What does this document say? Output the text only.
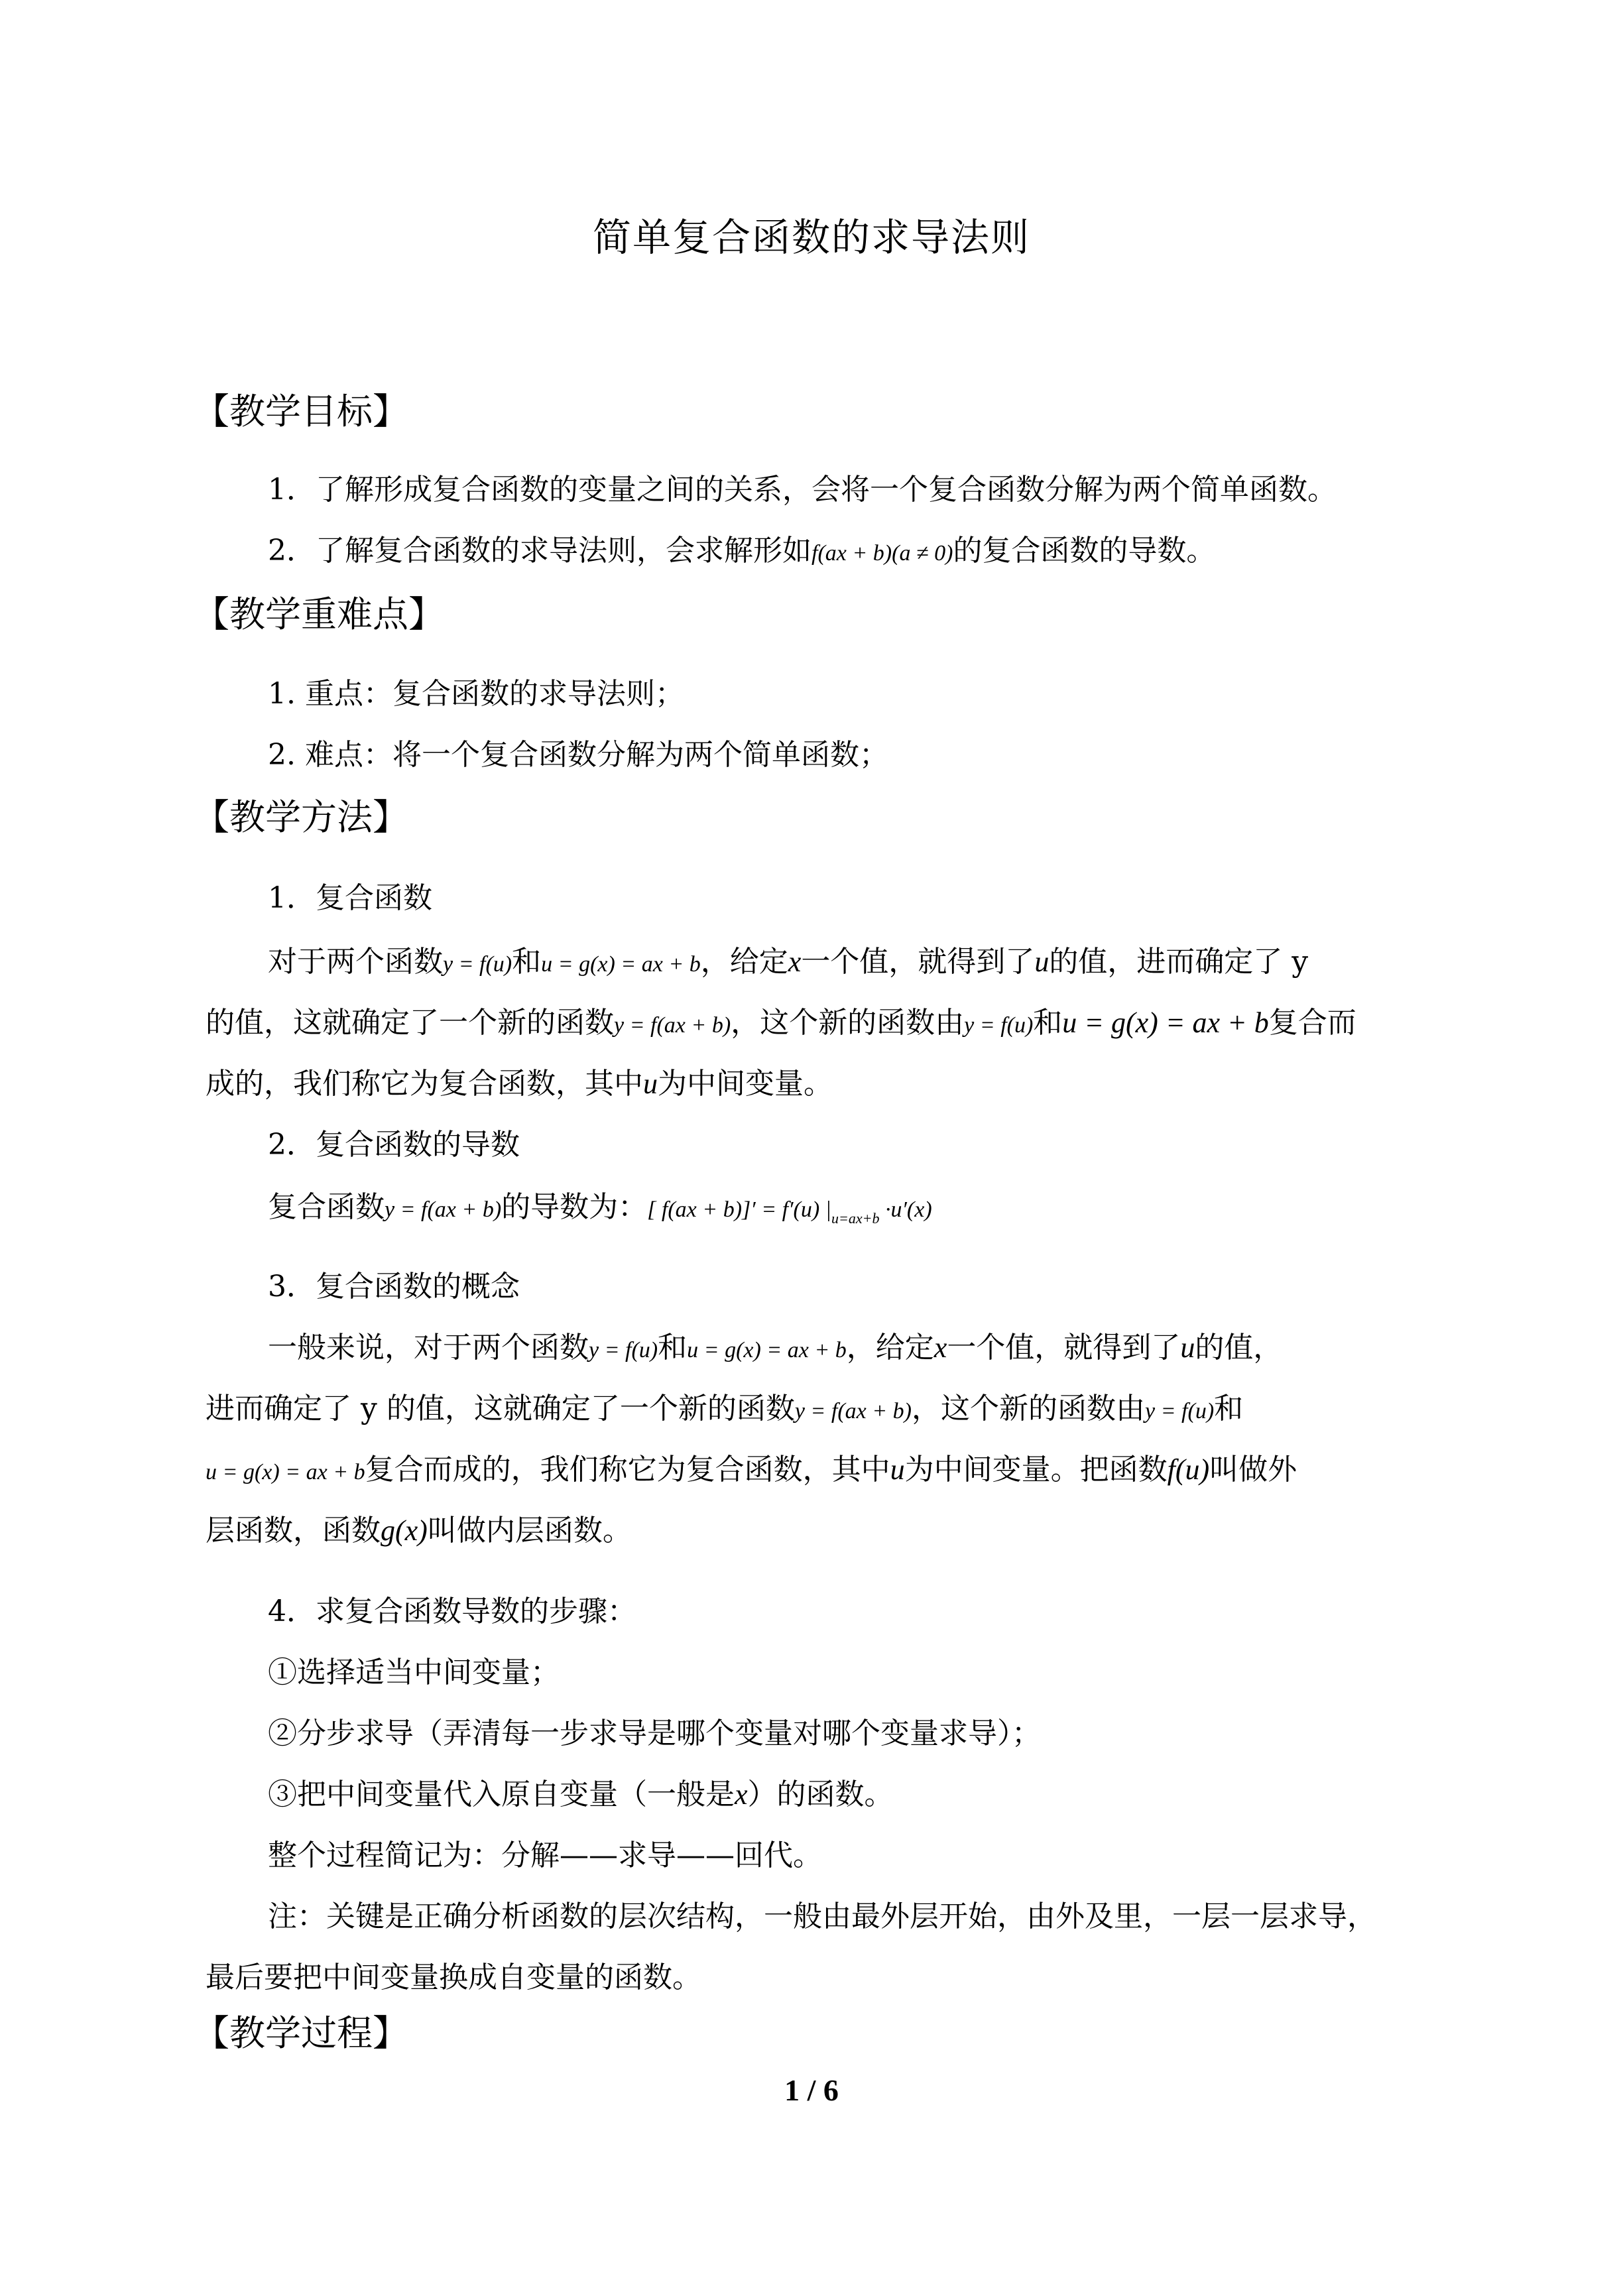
简单复合函数的求导法则
【教学目标】
1．了解形成复合函数的变量之间的关系，会将一个复合函数分解为两个简单函数。
2．了解复合函数的求导法则，会求解形如f(ax + b)(a ≠ 0)的复合函数的导数。
【教学重难点】
1. 重点：复合函数的求导法则；
2. 难点：将一个复合函数分解为两个简单函数；
【教学方法】
1．复合函数
对于两个函数y = f(u)和u = g(x) = ax + b，给定x一个值，就得到了u的值，进而确定了 y
的值，这就确定了一个新的函数y = f(ax + b)，这个新的函数由y = f(u)和u = g(x) = ax + b复合而
成的，我们称它为复合函数，其中u为中间变量。
2．复合函数的导数
复合函数y = f(ax + b)的导数为：[ f(ax + b)]′ = f′(u) $|_{u=ax+b} \cdot u'(x)$
3．复合函数的概念
一般来说，对于两个函数y = f(u)和u = g(x) = ax + b，给定x一个值，就得到了u的值，
进而确定了 y 的值，这就确定了一个新的函数y = f(ax + b)，这个新的函数由y = f(u)和
u = g(x) = ax + b复合而成的，我们称它为复合函数，其中u为中间变量。把函数f(u)叫做外
层函数，函数g(x)叫做内层函数。
4．求复合函数导数的步骤：
①选择适当中间变量；
②分步求导（弄清每一步求导是哪个变量对哪个变量求导）；
③把中间变量代入原自变量（一般是x）的函数。
整个过程简记为：分解——求导——回代。
注：关键是正确分析函数的层次结构，一般由最外层开始，由外及里，一层一层求导，
最后要把中间变量换成自变量的函数。
【教学过程】
1 / 6
